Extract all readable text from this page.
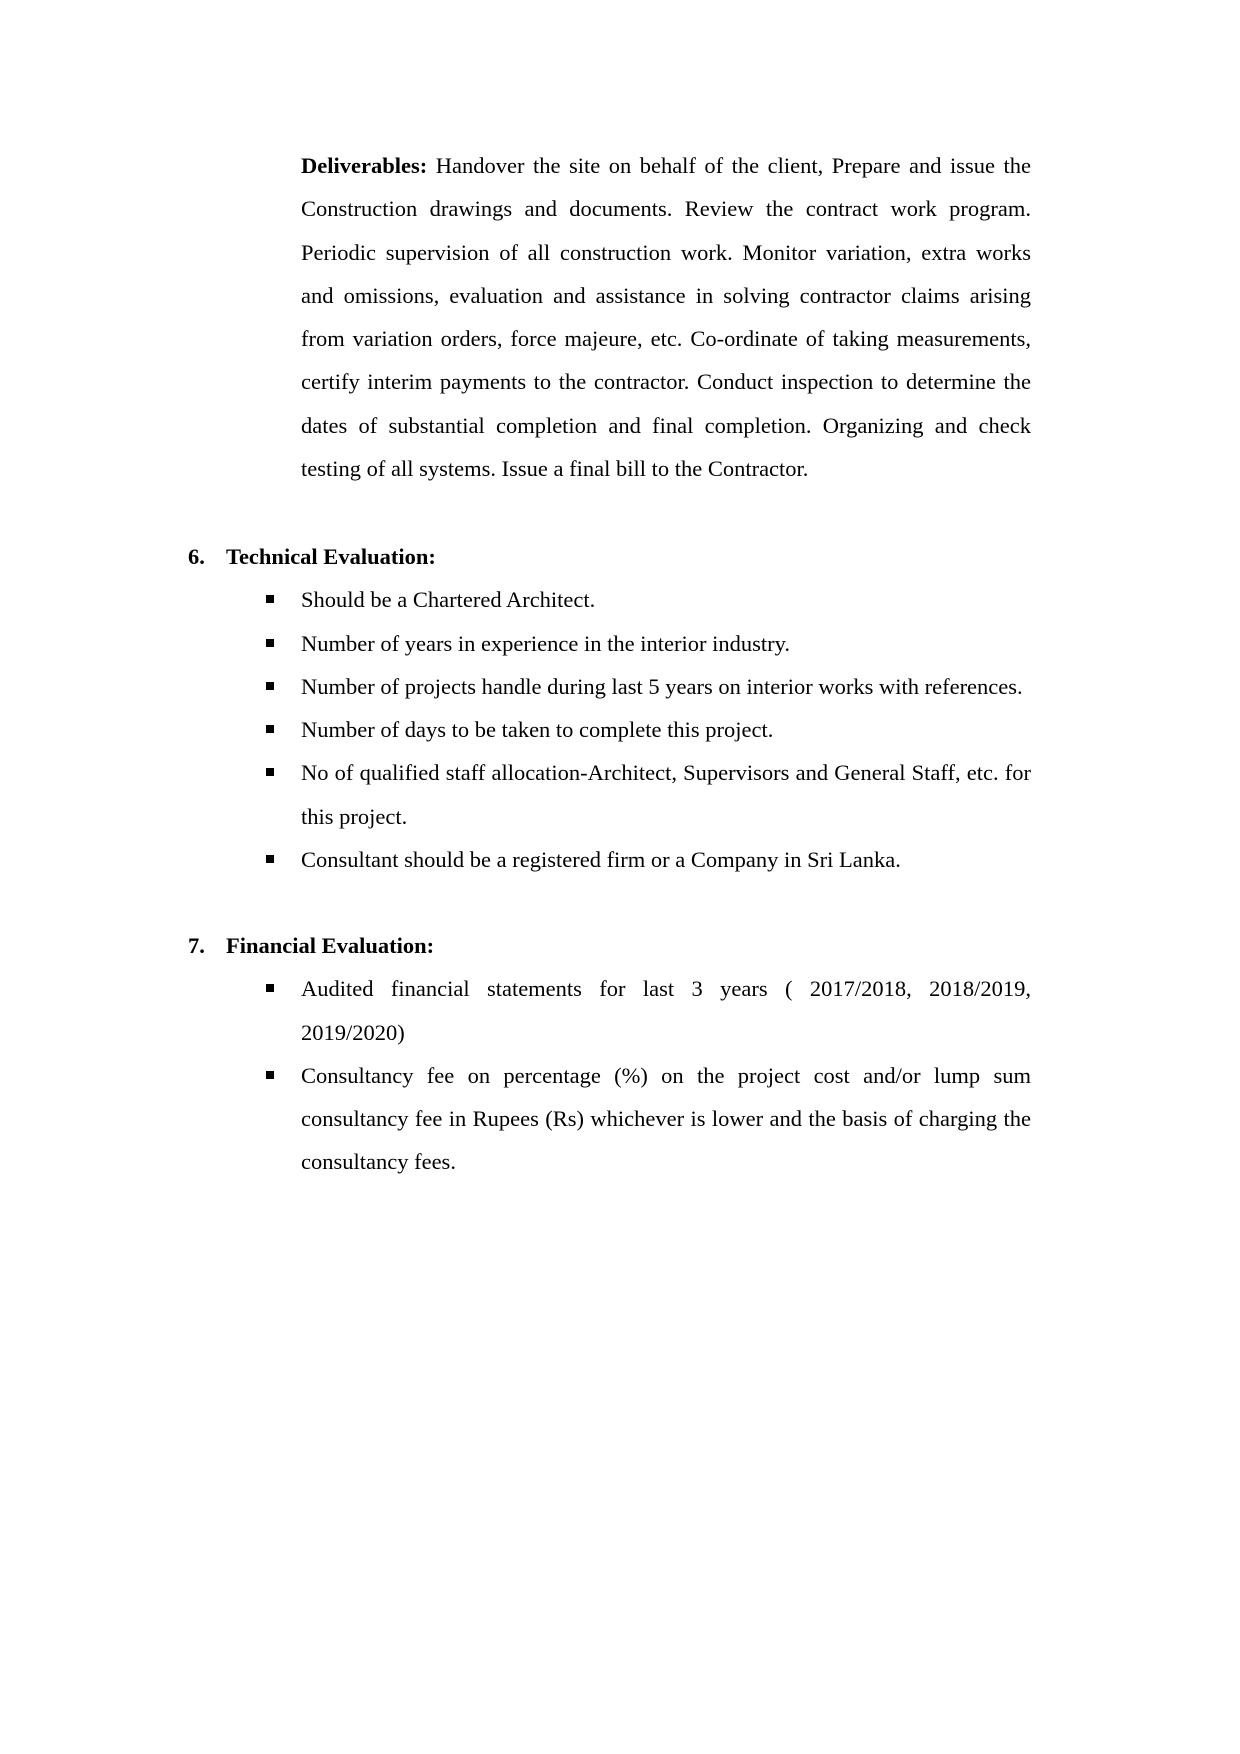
Deliverables: Handover the site on behalf of the client, Prepare and issue the Construction drawings and documents. Review the contract work program. Periodic supervision of all construction work. Monitor variation, extra works and omissions, evaluation and assistance in solving contractor claims arising from variation orders, force majeure, etc. Co-ordinate of taking measurements, certify interim payments to the contractor. Conduct inspection to determine the dates of substantial completion and final completion. Organizing and check testing of all systems. Issue a final bill to the Contractor.

6. Technical Evaluation:

Should be a Chartered Architect.
Number of years in experience in the interior industry.
Number of projects handle during last 5 years on interior works with references.
Number of days to be taken to complete this project.
No of qualified staff allocation-Architect, Supervisors and General Staff, etc. for this project.
Consultant should be a registered firm or a Company in Sri Lanka.

7. Financial Evaluation:

Audited financial statements for last 3 years ( 2017/2018, 2018/2019, 2019/2020)
Consultancy fee on percentage (%) on the project cost and/or lump sum consultancy fee in Rupees (Rs) whichever is lower and the basis of charging the consultancy fees.
